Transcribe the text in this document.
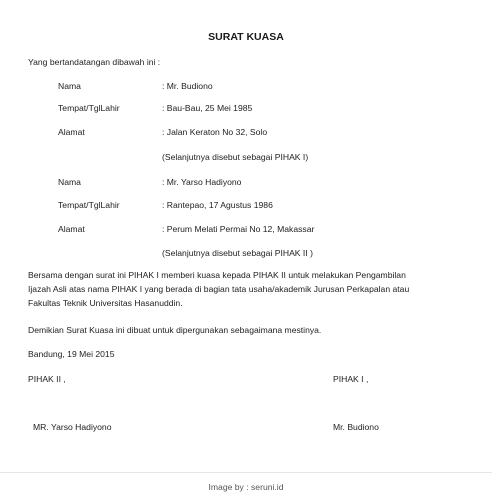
SURAT KUASA
Yang bertandatangan dibawah ini :
Nama	: Mr. Budiono
Tempat/TglLahir	: Bau-Bau, 25 Mei 1985
Alamat	: Jalan Keraton No 32, Solo
(Selanjutnya disebut sebagai PIHAK I)
Nama	: Mr. Yarso Hadiyono
Tempat/TglLahir	: Rantepao, 17 Agustus 1986
Alamat	: Perum Melati Permai No 12, Makassar
(Selanjutnya disebut sebagai PIHAK II )
Bersama dengan surat ini PIHAK I memberi kuasa kepada PIHAK II untuk melakukan Pengambilan
Ijazah Asli atas nama PIHAK I yang berada di bagian tata usaha/akademik Jurusan Perkapalan atau
Fakultas Teknik Universitas Hasanuddin.
Demikian Surat Kuasa ini dibuat untuk dipergunakan sebagaimana mestinya.
Bandung, 19 Mei 2015
PIHAK II ,	PIHAK I ,
MR. Yarso Hadiyono	Mr. Budiono
Image by : seruni.id
